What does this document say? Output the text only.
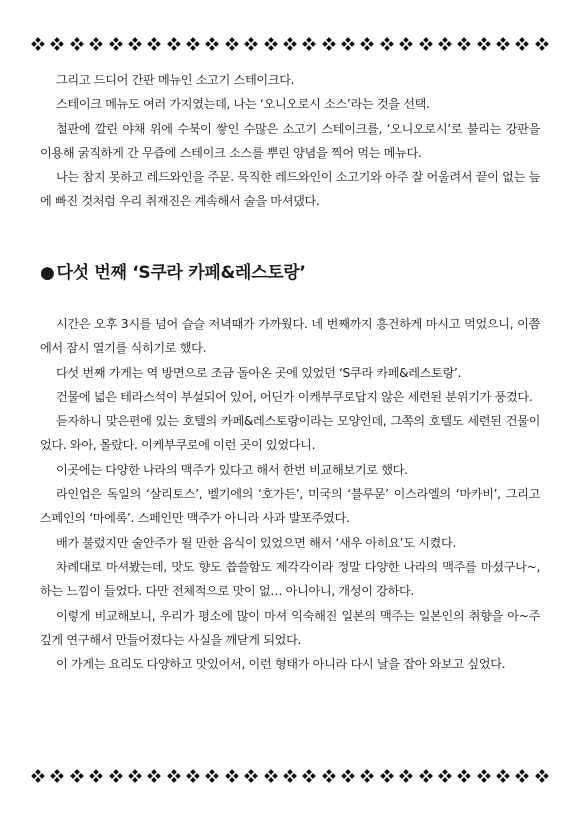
그리고 드디어 간판 메뉴인 소고기 스테이크다.

스테이크 메뉴도 여러 가지였는데, 나는 ‘오니오로시 소스’라는 것을 선택.

철판에 깔린 야채 위에 수북이 쌓인 수많은 소고기 스테이크를, ‘오니오로시’로 불리는 강판을 이용해 굵직하게 간 무즙에 스테이크 소스를 뿌린 양념을 찍어 먹는 메뉴다.

나는 참지 못하고 레드와인을 주문. 묵직한 레드와인이 소고기와 아주 잘 어울려서 끝이 없는 늪에 빠진 것처럼 우리 취재진은 계속해서 술을 마셔댔다.

● 다섯 번째 ‘S쿠라 카페&레스토랑’

시간은 오후 3시를 넘어 슬슬 저녁때가 가까웠다. 네 번째까지 흥건하게 마시고 먹었으니, 이쯤에서 잠시 열기를 식히기로 했다.

다섯 번째 가게는 역 방면으로 조금 돌아온 곳에 있었던 ‘S쿠라 카페&레스토랑’.

건물에 넓은 테라스석이 부설되어 있어, 어딘가 이케부쿠로답지 않은 세련된 분위기가 풍겼다.

듣자하니 맞은편에 있는 호텔의 카페&레스토랑이라는 모양인데, 그쪽의 호텔도 세련된 건물이었다. 와아, 몰랐다. 이케부쿠로에 이런 곳이 있었다니.

이곳에는 다양한 나라의 맥주가 있다고 해서 한번 비교해보기로 했다.

라인업은 독일의 ‘살리토스’, 벨기에의 ‘호가든’, 미국의 ‘블루문’ 이스라엘의 ‘마카비’, 그리고 스페인의 ‘마에록’. 스페인만 맥주가 아니라 사과 발포주였다.

배가 불렀지만 술안주가 될 만한 음식이 있었으면 해서 ‘새우 아히요’도 시켰다.

차례대로 마셔봤는데, 맛도 향도 씁쓸함도 제각각이라 정말 다양한 나라의 맥주를 마셨구나~, 하는 느낌이 들었다. 다만 전체적으로 맛이 없… 아니아니, 개성이 강하다.

이렇게 비교해보니, 우리가 평소에 많이 마셔 익숙해진 일본의 맥주는 일본인의 취향을 아~주 깊게 연구해서 만들어졌다는 사실을 깨닫게 되었다.

이 가게는 요리도 다양하고 맛있어서, 이런 형태가 아니라 다시 날을 잡아 와보고 싶었다.
